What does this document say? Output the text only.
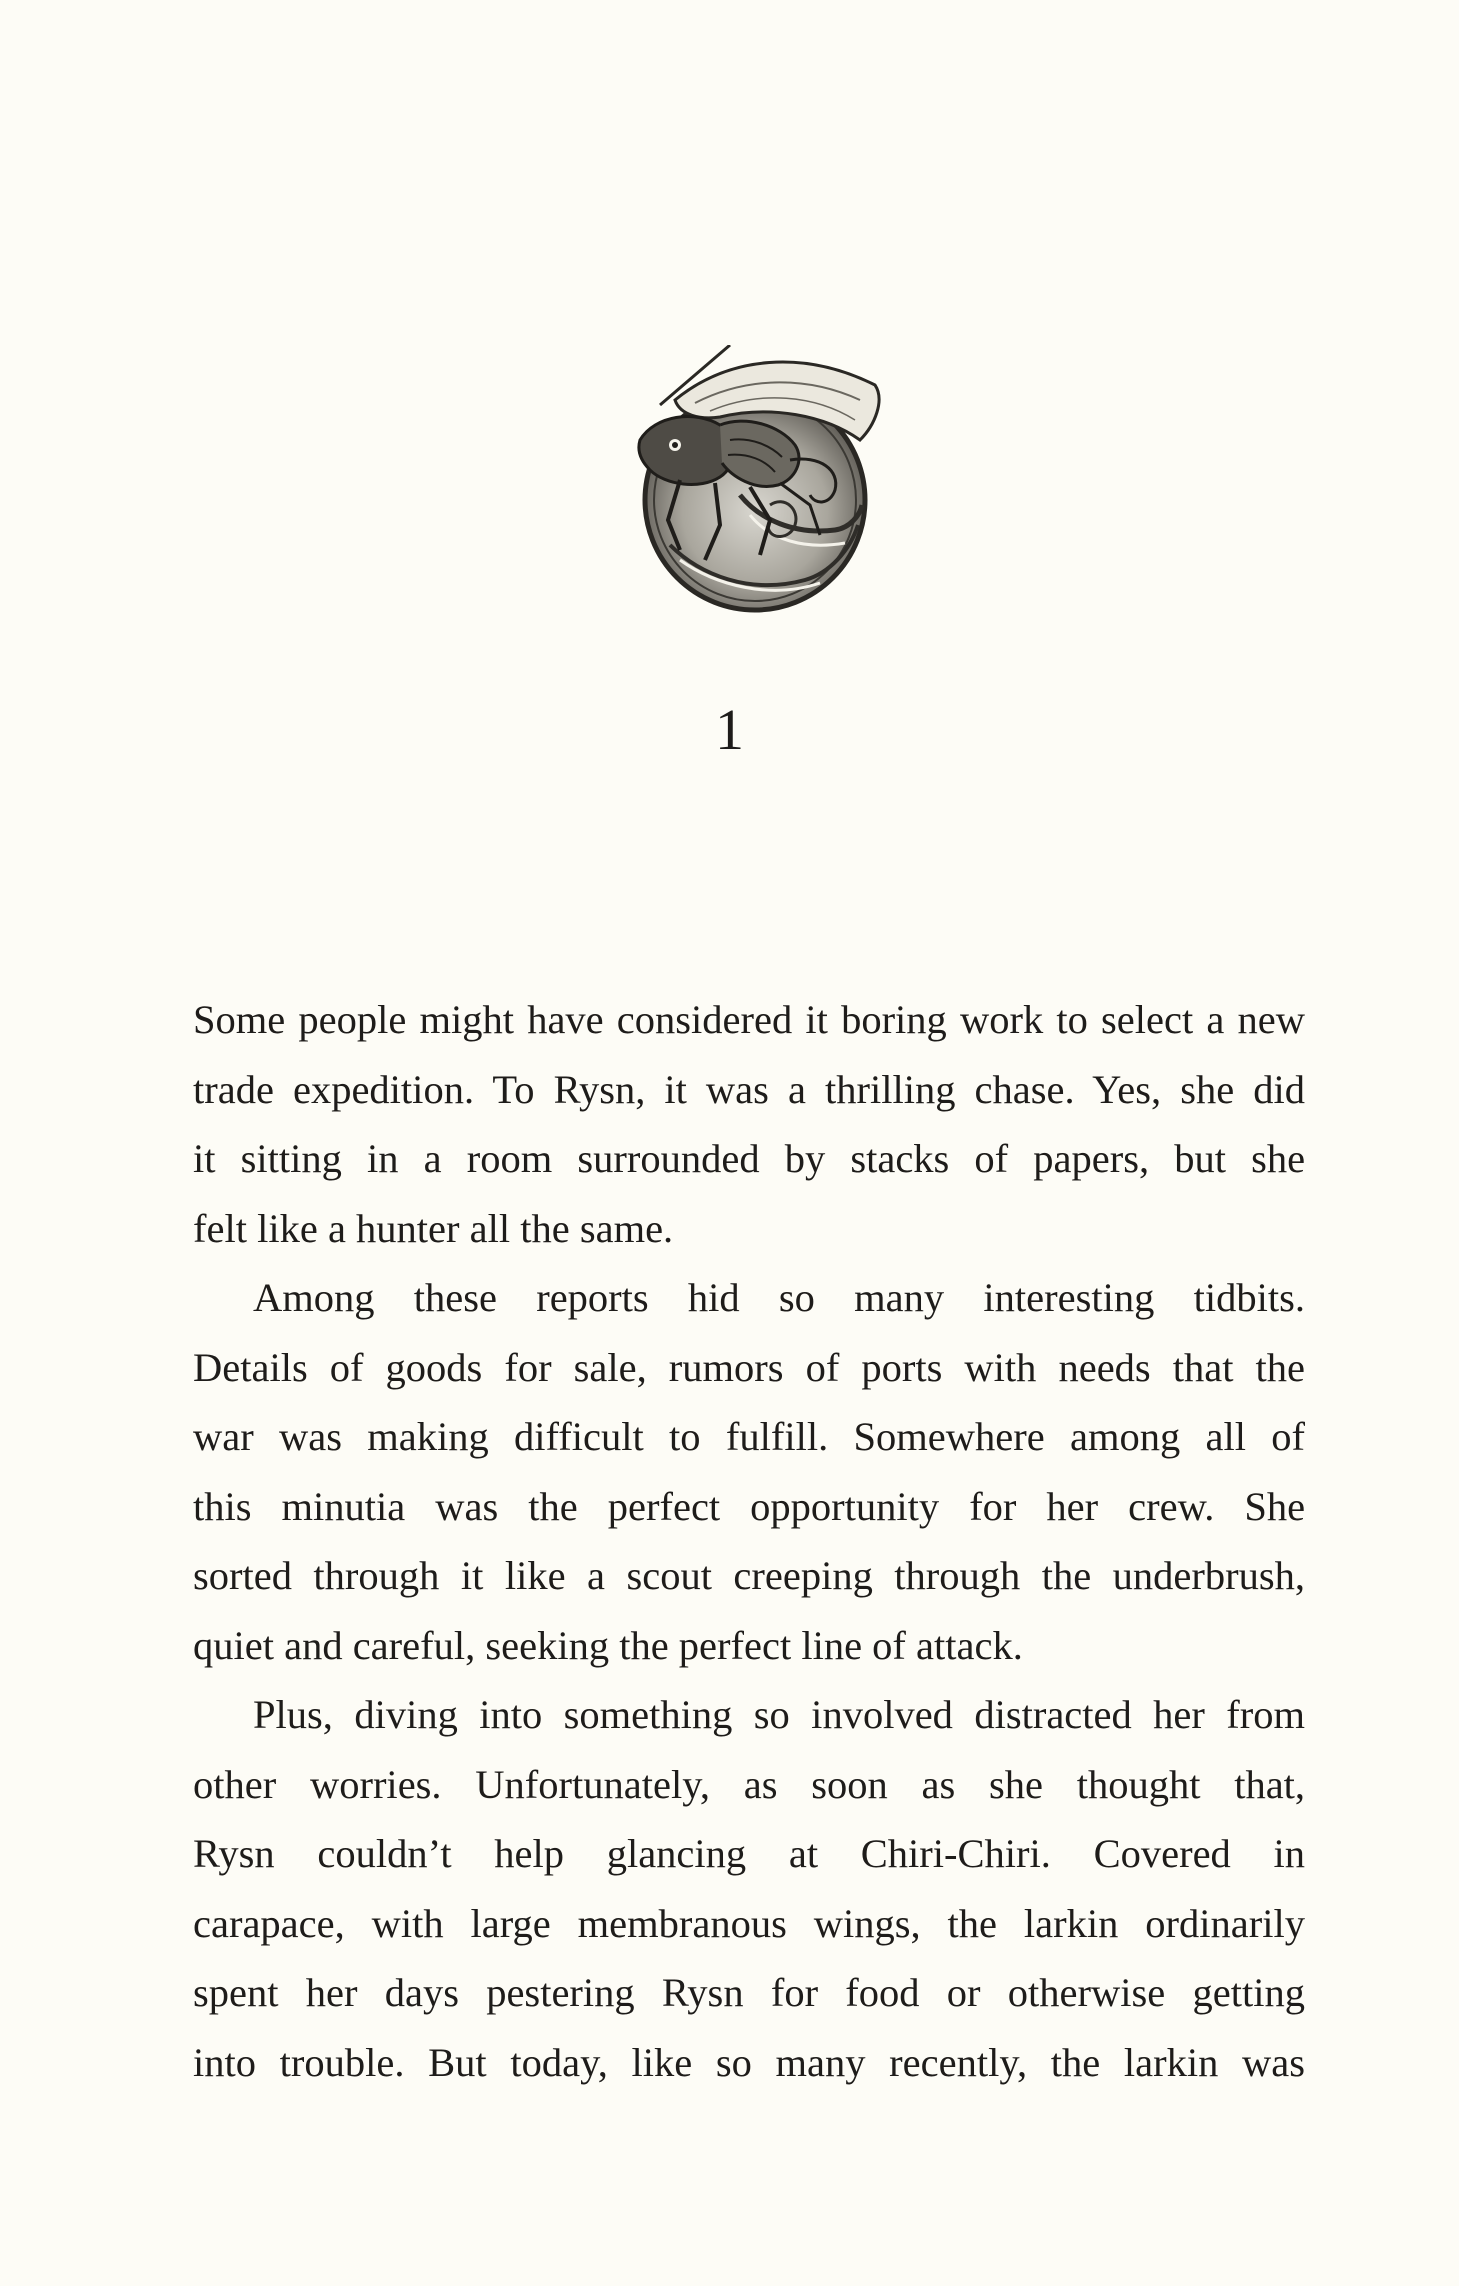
1

Some people might have considered it boring work to select a new
trade expedition. To Rysn, it was a thrilling chase. Yes, she did
it sitting in a room surrounded by stacks of papers, but she
felt like a hunter all the same.

Among these reports hid so many interesting tidbits.
Details of goods for sale, rumors of ports with needs that the
war was making difficult to fulfill. Somewhere among all of
this minutia was the perfect opportunity for her crew. She
sorted through it like a scout creeping through the underbrush,
quiet and careful, seeking the perfect line of attack.

Plus, diving into something so involved distracted her from
other worries. Unfortunately, as soon as she thought that,
Rysn couldn’t help glancing at Chiri-Chiri. Covered in
carapace, with large membranous wings, the larkin ordinarily
spent her days pestering Rysn for food or otherwise getting
into trouble. But today, like so many recently, the larkin was
